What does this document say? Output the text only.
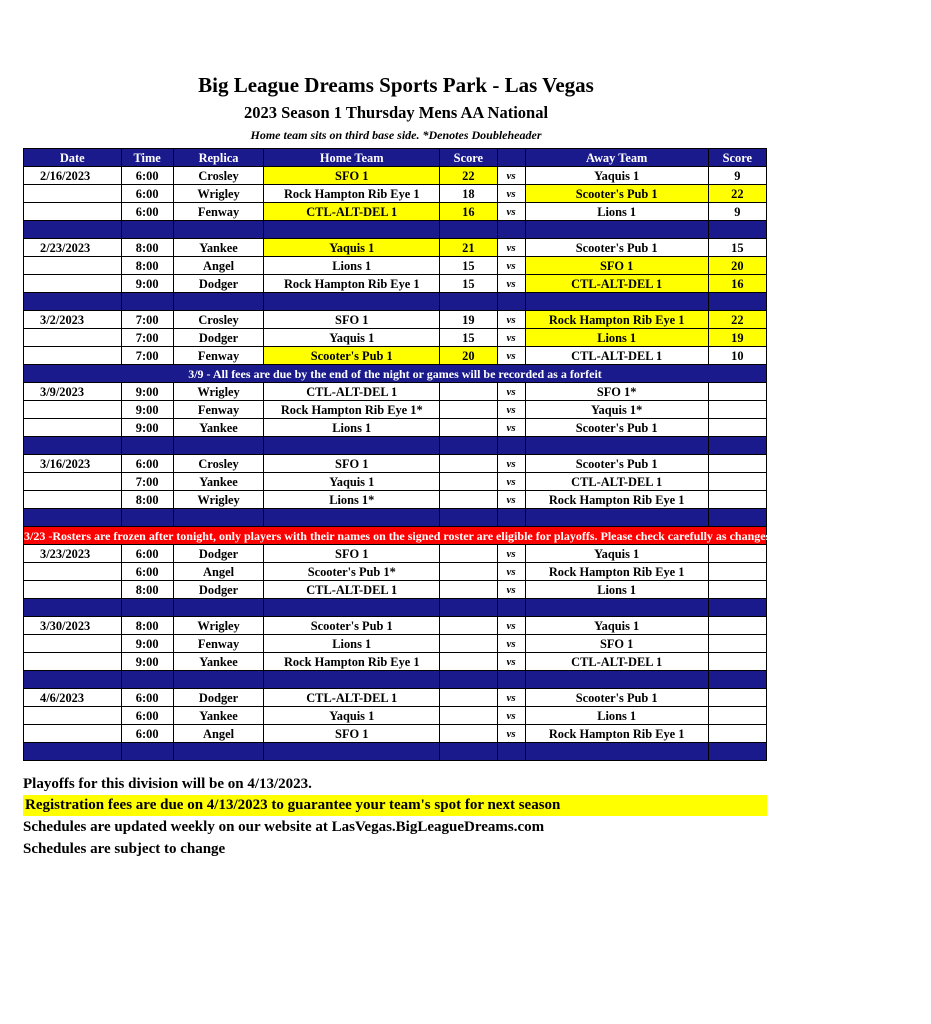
Big League Dreams Sports Park - Las Vegas
2023 Season 1 Thursday Mens AA National
Home team sits on third base side. *Denotes Doubleheader
Date	Time	Replica	Home Team	Score		Away Team	Score
2/16/2023	6:00	Crosley	SFO 1	22	vs	Yaquis 1	9
	6:00	Wrigley	Rock Hampton Rib Eye 1	18	vs	Scooter's Pub 1	22
	6:00	Fenway	CTL-ALT-DEL 1	16	vs	Lions 1	9

2/23/2023	8:00	Yankee	Yaquis 1	21	vs	Scooter's Pub 1	15
	8:00	Angel	Lions 1	15	vs	SFO 1	20
	9:00	Dodger	Rock Hampton Rib Eye 1	15	vs	CTL-ALT-DEL 1	16

3/2/2023	7:00	Crosley	SFO 1	19	vs	Rock Hampton Rib Eye 1	22
	7:00	Dodger	Yaquis 1	15	vs	Lions 1	19
	7:00	Fenway	Scooter's Pub 1	20	vs	CTL-ALT-DEL 1	10
3/9 - All fees are due by the end of the night or games will be recorded as a forfeit							
3/9/2023	9:00	Wrigley	CTL-ALT-DEL 1		vs	SFO 1*	
	9:00	Fenway	Rock Hampton Rib Eye 1*		vs	Yaquis 1*	
	9:00	Yankee	Lions 1		vs	Scooter's Pub 1	

3/16/2023	6:00	Crosley	SFO 1		vs	Scooter's Pub 1	
	7:00	Yankee	Yaquis 1		vs	CTL-ALT-DEL 1	
	8:00	Wrigley	Lions 1*		vs	Rock Hampton Rib Eye 1	

3/23 -Rosters are frozen after tonight, only players with their names on the signed roster are eligible for playoffs. Please check carefully as changes will not be made for omissions.							
3/23/2023	6:00	Dodger	SFO 1		vs	Yaquis 1	
	6:00	Angel	Scooter's Pub 1*		vs	Rock Hampton Rib Eye 1	
	8:00	Dodger	CTL-ALT-DEL 1		vs	Lions 1	

3/30/2023	8:00	Wrigley	Scooter's Pub 1		vs	Yaquis 1	
	9:00	Fenway	Lions 1		vs	SFO 1	
	9:00	Yankee	Rock Hampton Rib Eye 1		vs	CTL-ALT-DEL 1	

4/6/2023	6:00	Dodger	CTL-ALT-DEL 1		vs	Scooter's Pub 1	
	6:00	Yankee	Yaquis 1		vs	Lions 1	
	6:00	Angel	SFO 1		vs	Rock Hampton Rib Eye 1	

Playoffs for this division will be on 4/13/2023.
Registration fees are due on 4/13/2023 to guarantee your team's spot for next season
Schedules are updated weekly on our website at LasVegas.BigLeagueDreams.com
Schedules are subject to change
